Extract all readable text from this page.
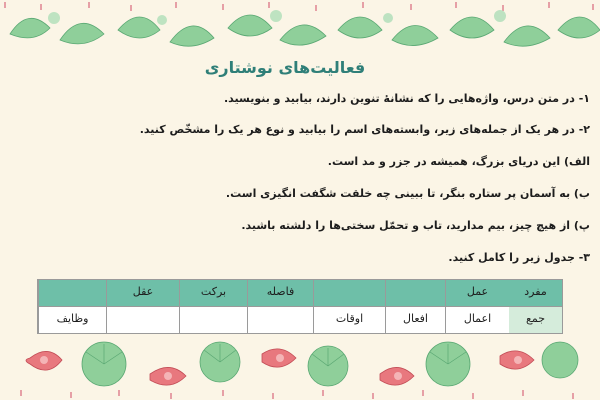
فعالیت‌های نوشتاری
۱- در متن درس، واژه‌هایی را که نشانهٔ تنوین دارند، بیابید و بنویسید.
۲- در هر یک از جمله‌های زیر، وابسته‌های اسم را بیابید و نوع هر یک را مشخّص کنید.
الف) این دریای بزرگ، همیشه در جزر و مد است.
ب) به آسمان پر ستاره بنگر، تا ببینی چه خلقت شگفت انگیزی است.
پ) از هیچ چیز، بیم مدارید، تاب و تحمّل سختی‌ها را دلشته باشید.
۳- جدول زیر را کامل کنید.
مفرد
عمل
فاصله
برکت
عقل
جمع
اعمال
افعال
اوقات
وظایف
